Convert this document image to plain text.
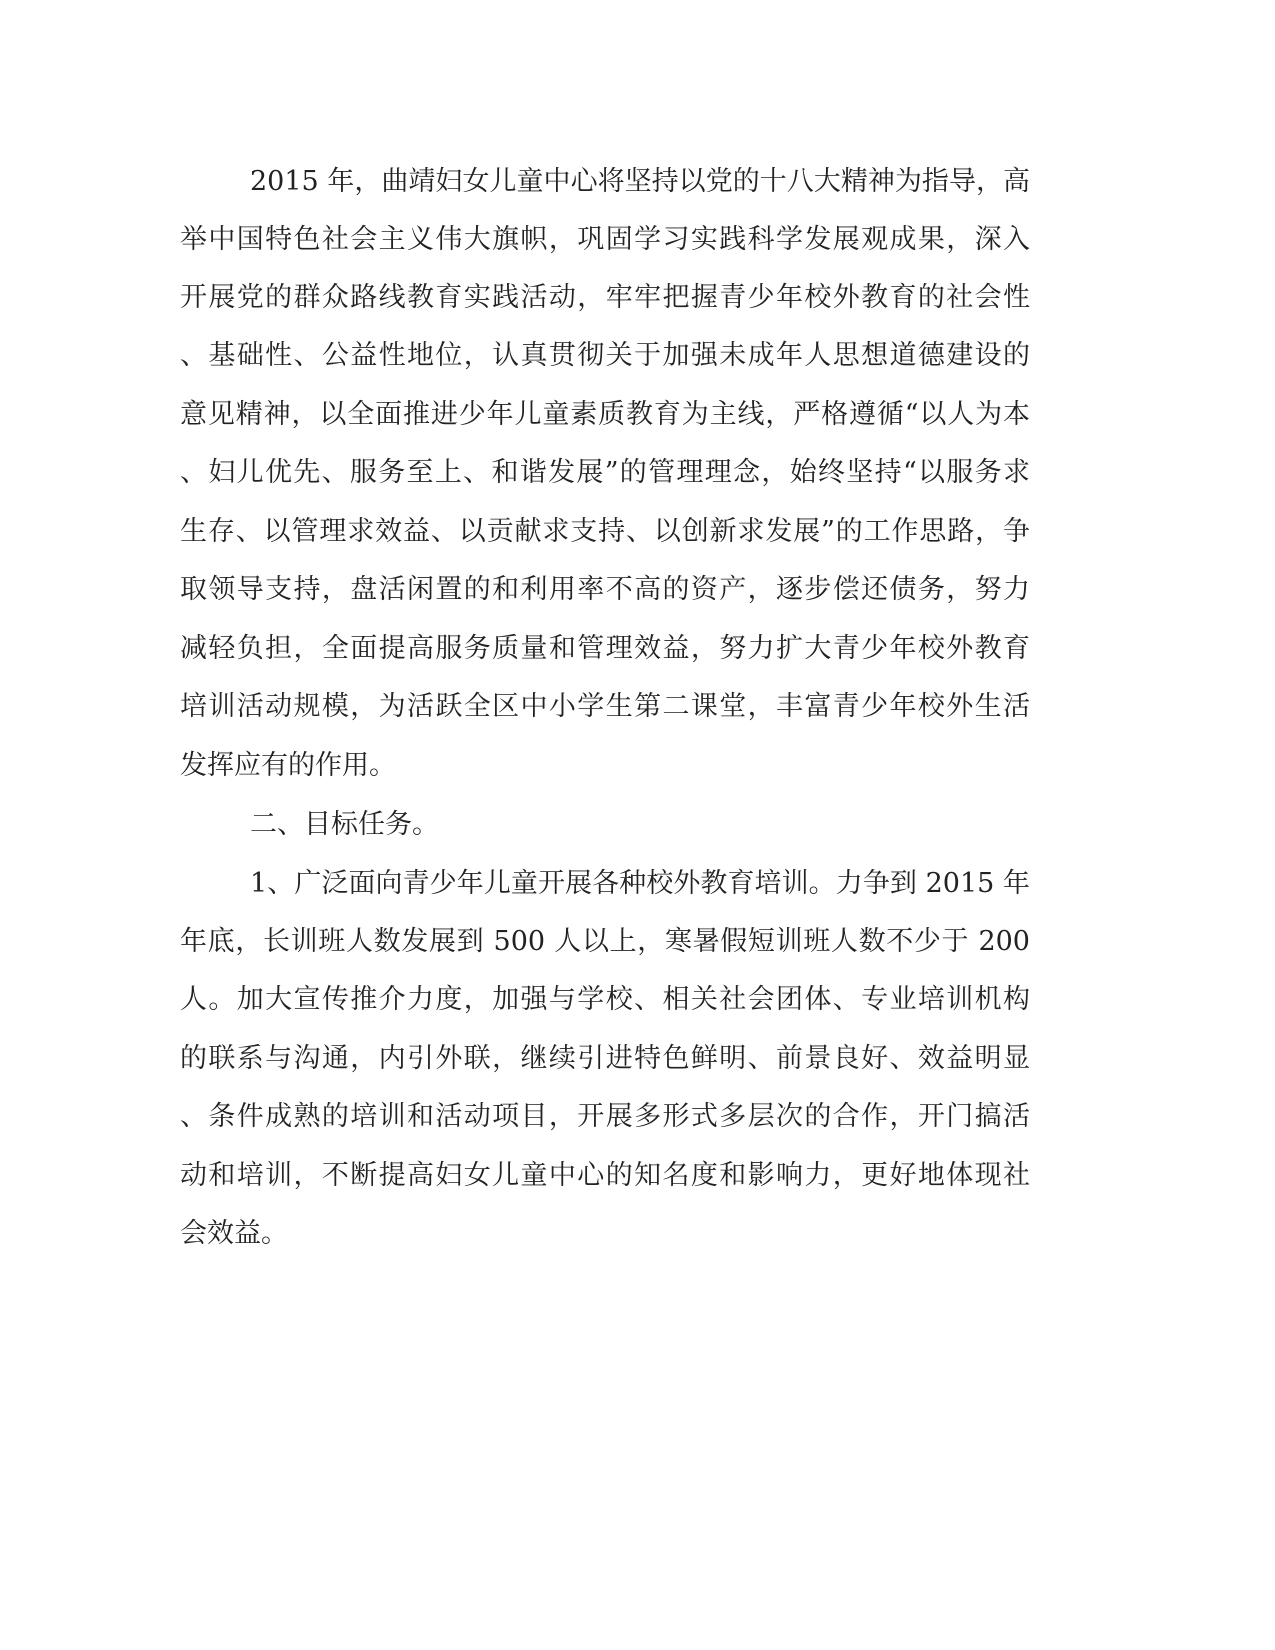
2015 年，曲靖妇女儿童中心将坚持以党的十八大精神为指导，高
举中国特色社会主义伟大旗帜，巩固学习实践科学发展观成果，深入
开展党的群众路线教育实践活动，牢牢把握青少年校外教育的社会性
、基础性、公益性地位，认真贯彻关于加强未成年人思想道德建设的
意见精神，以全面推进少年儿童素质教育为主线，严格遵循“以人为本
、妇儿优先、服务至上、和谐发展”的管理理念，始终坚持“以服务求
生存、以管理求效益、以贡献求支持、以创新求发展”的工作思路，争
取领导支持，盘活闲置的和利用率不高的资产，逐步偿还债务，努力
减轻负担，全面提高服务质量和管理效益，努力扩大青少年校外教育
培训活动规模，为活跃全区中小学生第二课堂，丰富青少年校外生活
发挥应有的作用。
二、目标任务。
1、广泛面向青少年儿童开展各种校外教育培训。力争到 2015 年
年底，长训班人数发展到 500 人以上，寒暑假短训班人数不少于 200
人。加大宣传推介力度，加强与学校、相关社会团体、专业培训机构
的联系与沟通，内引外联，继续引进特色鲜明、前景良好、效益明显
、条件成熟的培训和活动项目，开展多形式多层次的合作，开门搞活
动和培训，不断提高妇女儿童中心的知名度和影响力，更好地体现社
会效益。
